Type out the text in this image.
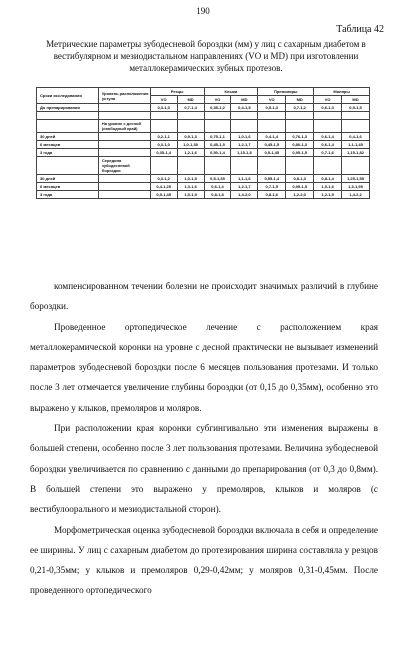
190
Таблица 42
Метрические параметры зубодесневой бороздки (мм) у лиц с сахарным диабетом в вестибулярном и мезиодистальном направлениях (VO и MD) при изготовлении металлокерамических зубных протезов.
Сроки исследования	Уровень расположения уступа	Резцы		Клыки		Премоляры		Моляры	
		VO	MD	VO	MD	VO	MD	VO	MD
До препарирования		0,3-1,0	0,7-1,4	0,35-1,2	0,4-1,5	0,5-1,3	0,7-1,2	0,6-1,3	0,9-1,5

	На уровне с десной (свободный край)								
30 дней		0,2-1,1	0,9-1,3	0,75-1,1	1,0-1,6	0,4-1,4	0,76-1,3	0,6-1,4	0,4-1,6
6 месяцев		0,3-1,0	1,0-1,35	0,45-1,5	1,2-1,7	0,45-1,5	0,80-1,3	0,6-1,4	1,1-1,45
3 года		0,35-1,4	1,2-1,6	0,50-1,4	1,15-1,8	0,5-1,45	0,95-1,5	0,7-1,6	1,15-1,82
	Середина зубодесневой бороздки								
30 дней		0,3-1,2	1,0-1,5	0,5-1,35	1,1-1,6	0,55-1,4	0,8-1,3	0,8-1,4	1,25-1,55
6 месяцев		0,4-1,25	1,3-1,6	0,6-1,4	1,2-1,7	0,7-1,5	0,95-1,5	1,0-1,6	1,3-1,95
3 года		0,5-1,45	1,5-1,9	0,8-1,8	1,4-2,0	0,8-1,6	1,2-2,0	1,2-1,9	1,4-2,2

компенсированном течении болезни не происходит значимых различий в глубине бороздки.

Проведенное ортопедическое лечение с расположением края металлокерамической коронки на уровне с десной практически не вызывает изменений параметров зубодесневой бороздки после 6 месяцев пользования протезами. И только после 3 лет отмечается увеличение глубины бороздки (от 0,15 до 0,35мм), особенно это выражено у клыков, премоляров и моляров.

При расположении края коронки субгингивально эти изменения выражены в большей степени, особенно после 3 лет пользования протезами. Величина зубодесневой бороздки увеличивается по сравнению с данными до препарирования (от 0,3 до 0,8мм). В большей степени это выражено у премоляров, клыков и моляров (с вестибулоорального и мезиодистальной сторон).

Морфометрическая оценка зубодесневой бороздки включала в себя и определение ее ширины. У лиц с сахарным диабетом до протезирования ширина составляла у резцов 0,21-0,35мм; у клыков и премоляров 0,29-0,42мм; у моляров 0,31-0,45мм. После проведенного ортопедического
